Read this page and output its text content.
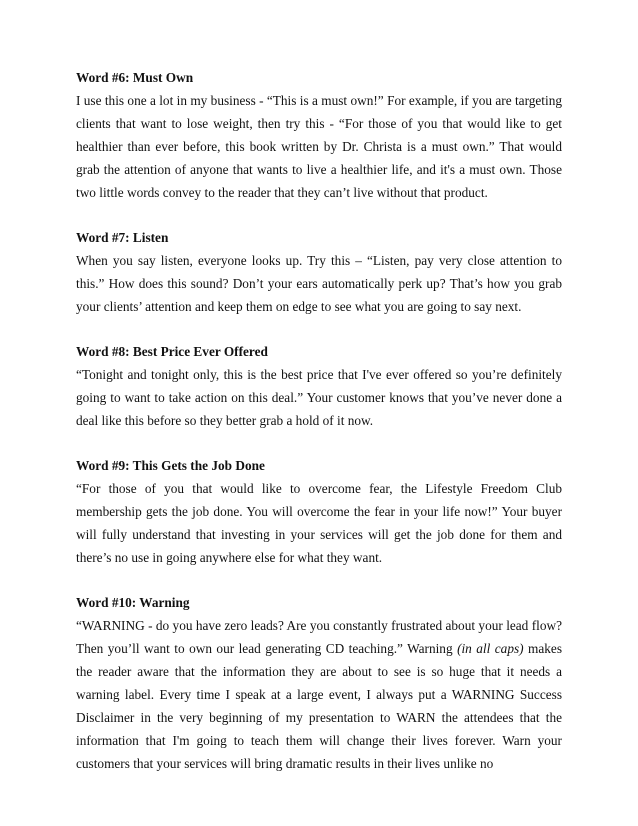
Word #6: Must Own

I use this one a lot in my business - “This is a must own!” For example, if you are targeting clients that want to lose weight, then try this - “For those of you that would like to get healthier than ever before, this book written by Dr. Christa is a must own.” That would grab the attention of anyone that wants to live a healthier life, and it's a must own. Those two little words convey to the reader that they can’t live without that product.

Word #7: Listen

When you say listen, everyone looks up. Try this – “Listen, pay very close attention to this.” How does this sound? Don’t your ears automatically perk up? That’s how you grab your clients’ attention and keep them on edge to see what you are going to say next.

Word #8: Best Price Ever Offered

“Tonight and tonight only, this is the best price that I've ever offered so you’re definitely going to want to take action on this deal.” Your customer knows that you’ve never done a deal like this before so they better grab a hold of it now.

Word #9: This Gets the Job Done

“For those of you that would like to overcome fear, the Lifestyle Freedom Club membership gets the job done. You will overcome the fear in your life now!” Your buyer will fully understand that investing in your services will get the job done for them and there’s no use in going anywhere else for what they want.

Word #10: Warning

“WARNING - do you have zero leads? Are you constantly frustrated about your lead flow? Then you’ll want to own our lead generating CD teaching.” Warning (in all caps) makes the reader aware that the information they are about to see is so huge that it needs a warning label. Every time I speak at a large event, I always put a WARNING Success Disclaimer in the very beginning of my presentation to WARN the attendees that the information that I'm going to teach them will change their lives forever. Warn your customers that your services will bring dramatic results in their lives unlike no
